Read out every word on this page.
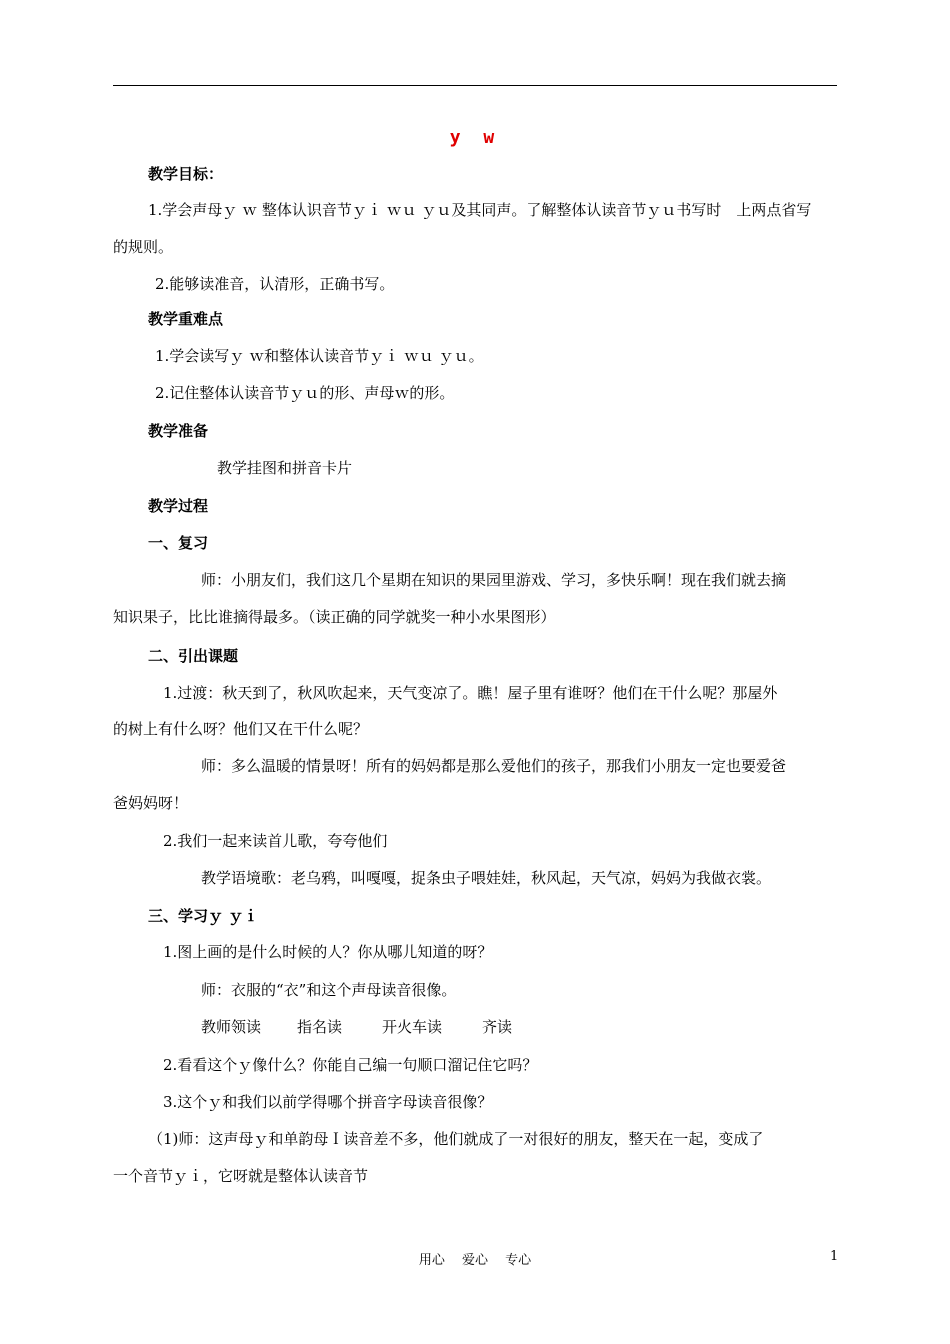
y w
教学目标：
1.学会声母ｙ ｗ 整体认识音节ｙｉ ｗｕ ｙｕ及其同声。了解整体认读音节ｙｕ书写时　上两点省写
的规则。
2.能够读准音，认清形，正确书写。
教学重难点
1.学会读写ｙ ｗ和整体认读音节ｙｉ ｗｕ ｙｕ。
2.记住整体认读音节ｙｕ的形、声母ｗ的形。
教学准备
教学挂图和拼音卡片
教学过程
一、复习
师：小朋友们，我们这几个星期在知识的果园里游戏、学习，多快乐啊！现在我们就去摘
知识果子，比比谁摘得最多。（读正确的同学就奖一种小水果图形）
二、引出课题
1.过渡：秋天到了，秋风吹起来，天气变凉了。瞧！屋子里有谁呀？他们在干什么呢？那屋外
的树上有什么呀？他们又在干什么呢？
师：多么温暖的情景呀！所有的妈妈都是那么爱他们的孩子，那我们小朋友一定也要爱爸
爸妈妈呀！
2.我们一起来读首儿歌，夸夸他们
教学语境歌：老乌鸦，叫嘎嘎，捉条虫子喂娃娃，秋风起，天气凉，妈妈为我做衣裳。
三、学习ｙ ｙｉ
1.图上画的是什么时候的人？你从哪儿知道的呀？
师：衣服的“衣”和这个声母读音很像。
教师领读 指名读	开火车读	齐读
2.看看这个ｙ像什么？你能自己编一句顺口溜记住它吗？
3.这个ｙ和我们以前学得哪个拼音字母读音很像？
（1)师：这声母ｙ和单韵母Ｉ读音差不多，他们就成了一对很好的朋友，整天在一起，变成了
一个音节ｙｉ，它呀就是整体认读音节
用心　 爱心　 专心	1
